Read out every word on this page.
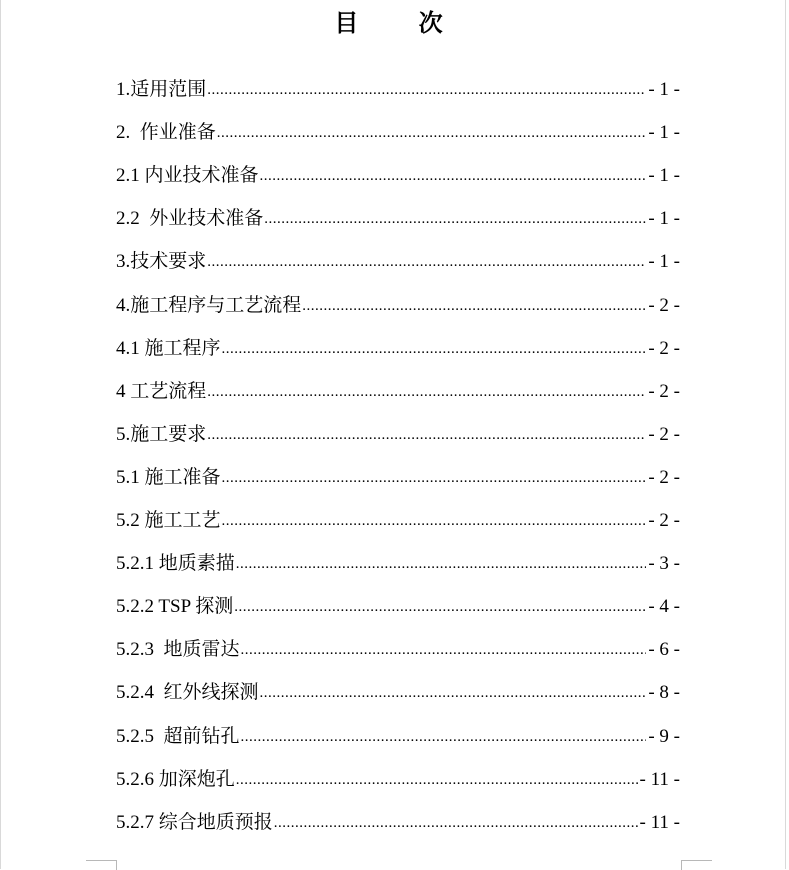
目 次
1.适用范围 .....	- 1 -
2.  作业准备 .....	- 1 -
2.1 内业技术准备 .....	- 1 -
2.2  外业技术准备 .....	- 1 -
3.技术要求 .....	- 1 -
4.施工程序与工艺流程 .....	- 2 -
4.1 施工程序 .....	- 2 -
4 工艺流程 .....	- 2 -
5.施工要求 .....	- 2 -
5.1 施工准备 .....	- 2 -
5.2 施工工艺 .....	- 2 -
5.2.1 地质素描 .....	- 3 -
5.2.2 TSP 探测 .....	- 4 -
5.2.3  地质雷达 .....	- 6 -
5.2.4  红外线探测 .....	- 8 -
5.2.5  超前钻孔 .....	- 9 -
5.2.6 加深炮孔 .....	- 11 -
5.2.7 综合地质预报 .....	- 11 -
